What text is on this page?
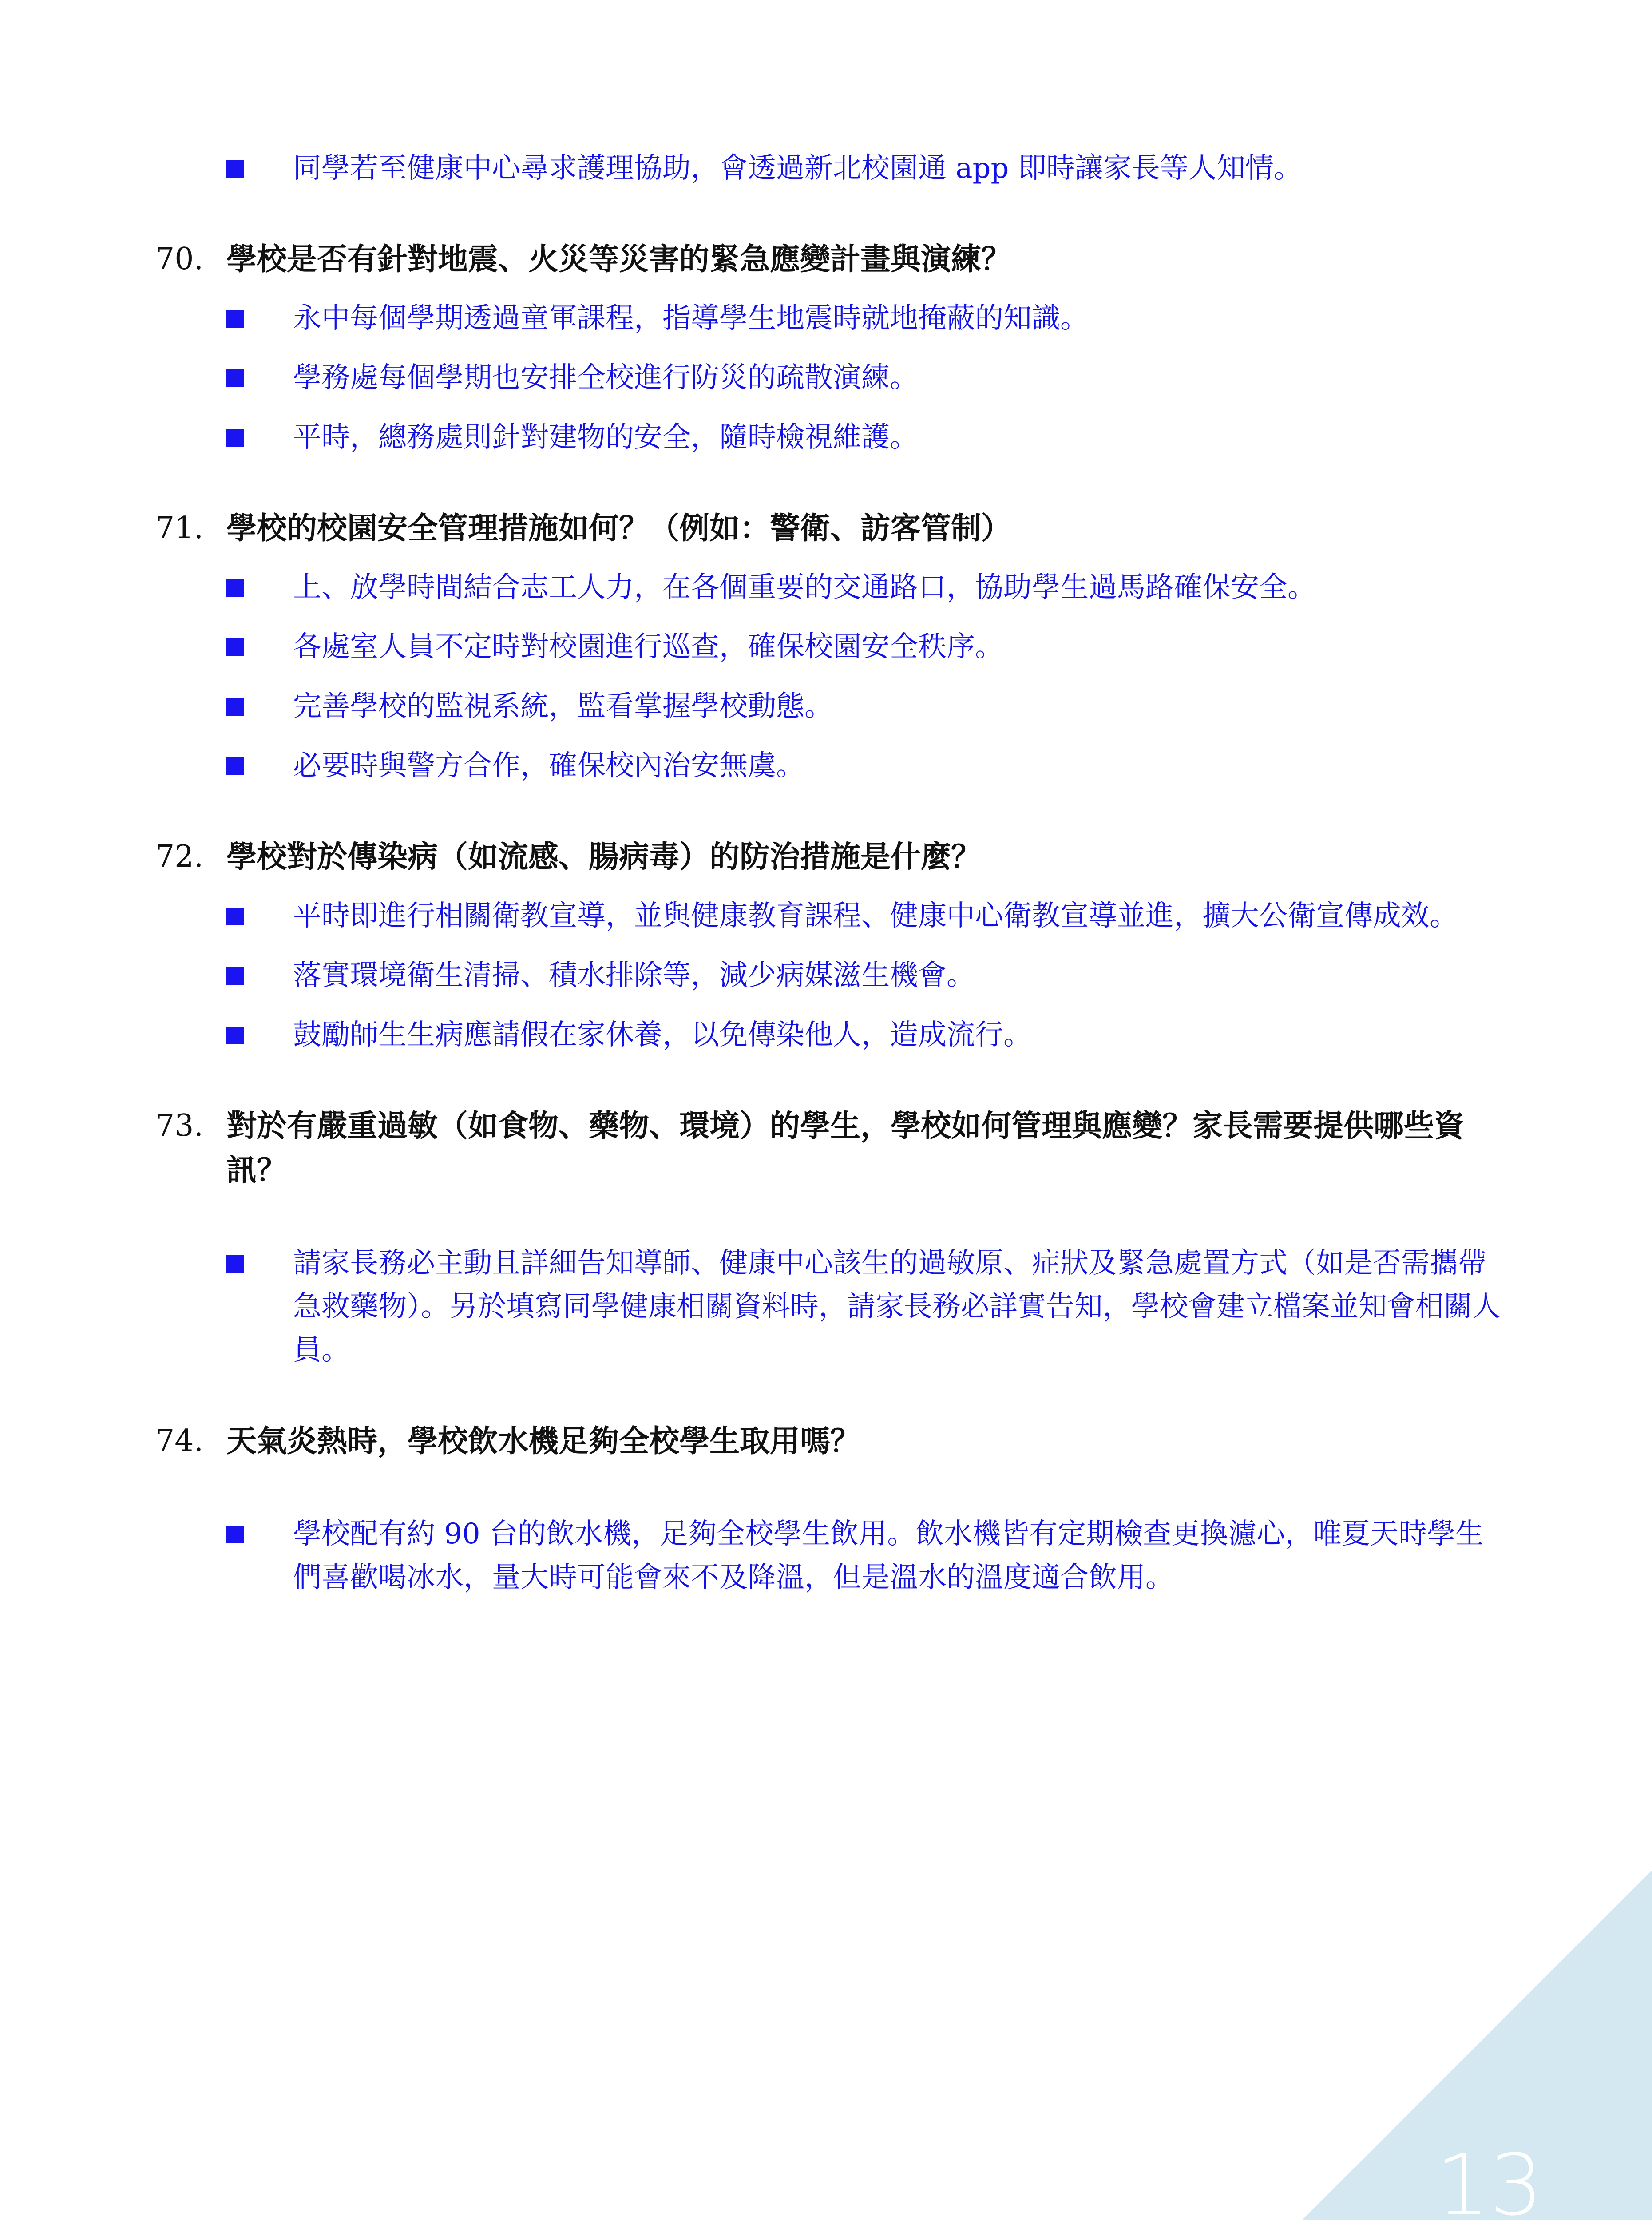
同學若至健康中心尋求護理協助，會透過新北校園通 app 即時讓家長等人知情。
70. 學校是否有針對地震、火災等災害的緊急應變計畫與演練？
永中每個學期透過童軍課程，指導學生地震時就地掩蔽的知識。
學務處每個學期也安排全校進行防災的疏散演練。
平時，總務處則針對建物的安全，隨時檢視維護。
71. 學校的校園安全管理措施如何？（例如：警衛、訪客管制）
上、放學時間結合志工人力，在各個重要的交通路口，協助學生過馬路確保安全。
各處室人員不定時對校園進行巡查，確保校園安全秩序。
完善學校的監視系統，監看掌握學校動態。
必要時與警方合作，確保校內治安無虞。
72. 學校對於傳染病（如流感、腸病毒）的防治措施是什麼？
平時即進行相關衛教宣導，並與健康教育課程、健康中心衛教宣導並進，擴大公衛宣傳成效。
落實環境衛生清掃、積水排除等，減少病媒滋生機會。
鼓勵師生生病應請假在家休養，以免傳染他人，造成流行。
73. 對於有嚴重過敏（如食物、藥物、環境）的學生，學校如何管理與應變？家長需要提供哪些資訊？
請家長務必主動且詳細告知導師、健康中心該生的過敏原、症狀及緊急處置方式（如是否需攜帶急救藥物）。另於填寫同學健康相關資料時，請家長務必詳實告知，學校會建立檔案並知會相關人員。
74. 天氣炎熱時，學校飲水機足夠全校學生取用嗎？
學校配有約 90 台的飲水機，足夠全校學生飲用。飲水機皆有定期檢查更換濾心，唯夏天時學生們喜歡喝冰水，量大時可能會來不及降溫，但是溫水的溫度適合飲用。
13
